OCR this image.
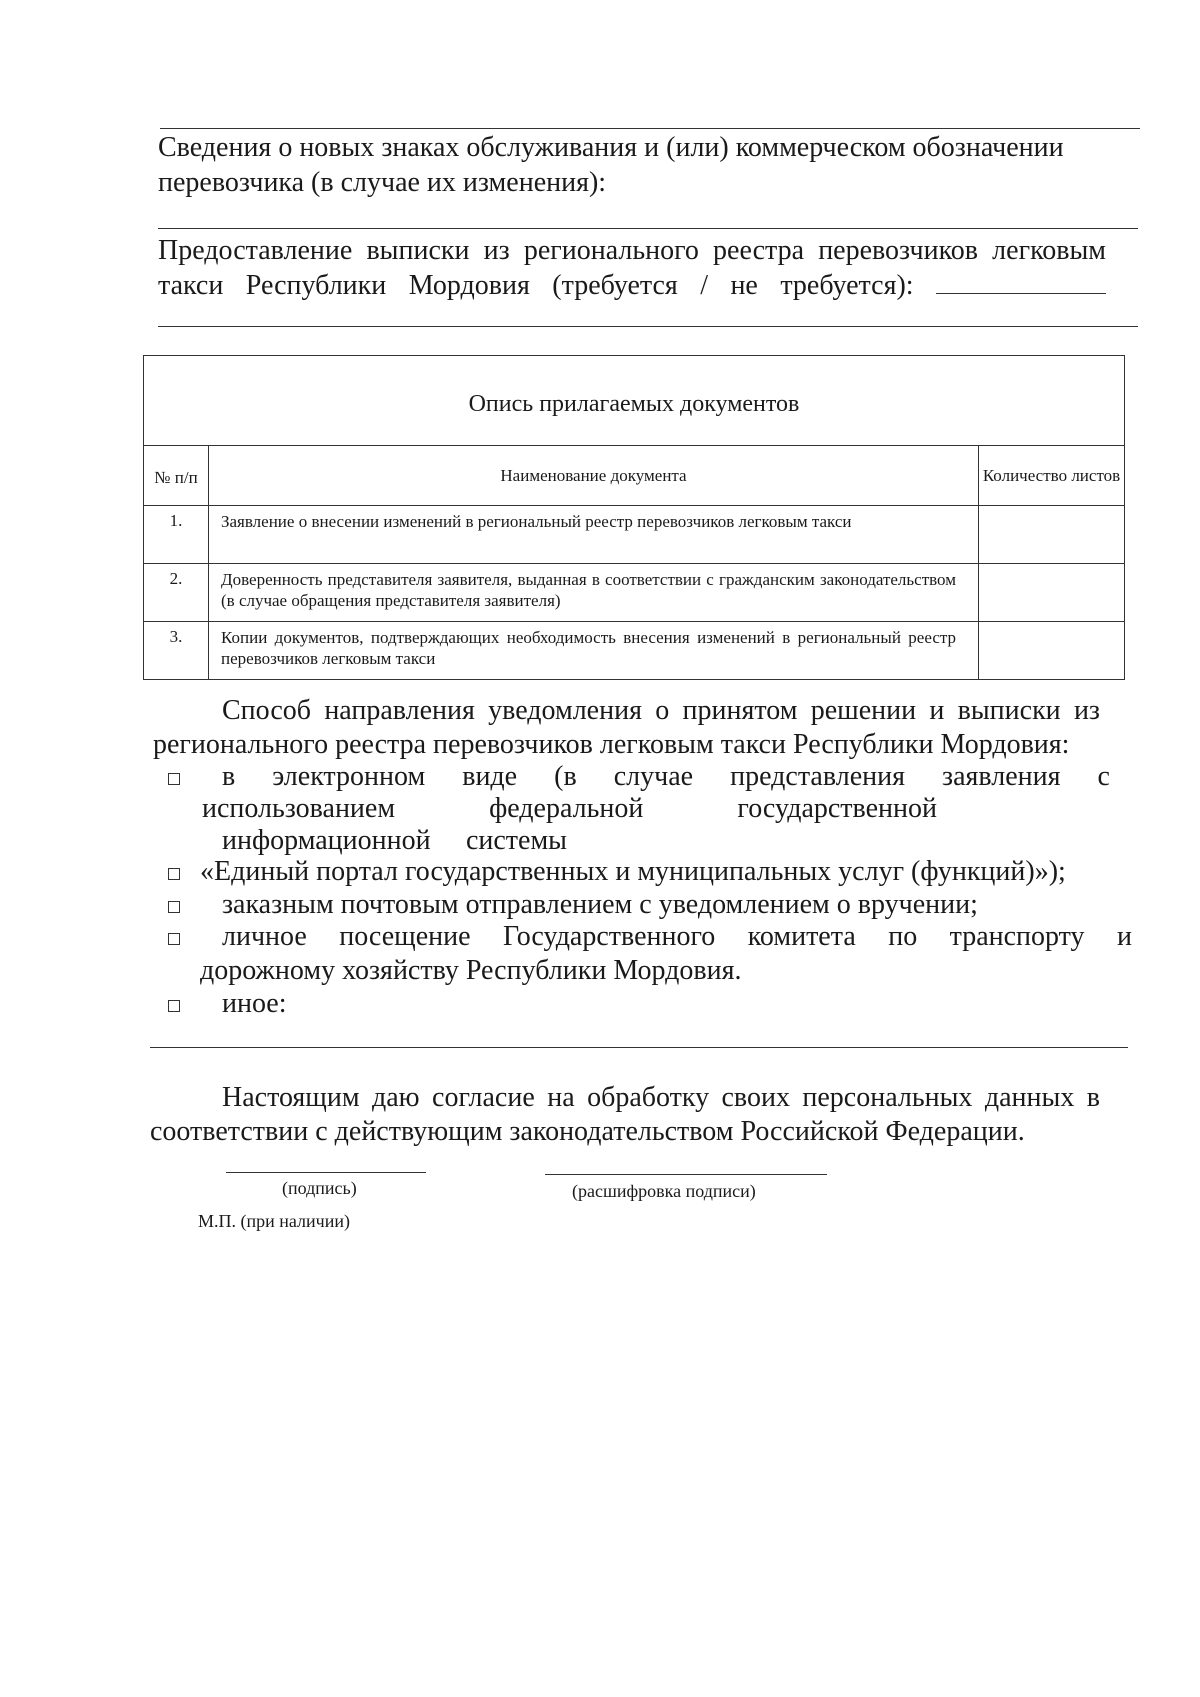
Сведения о новых знаках обслуживания и (или) коммерческом обозначении перевозчика (в случае их изменения):
Предоставление выписки из регионального реестра перевозчиков легковым такси Республики Мордовия (требуется / не требуется):
Опись прилагаемых документов		
№ п/п	Наименование документа	Количество листов
1.	Заявление о внесении изменений в региональный реестр перевозчиков легковым такси	
2.	Доверенность представителя заявителя, выданная в соответствии с гражданским законодательством (в случае обращения представителя заявителя)	
3.	Копии документов, подтверждающих необходимость внесения изменений в региональный реестр перевозчиков легковым такси	
Способ направления уведомления о принятом решении и выписки из
регионального реестра перевозчиков легковым такси Республики Мордовия:
в электронном виде (в случае представления заявления с
использованием	федеральной	государственной
информационной системы
«Единый портал государственных и муниципальных услуг (функций)»);
заказным почтовым отправлением с уведомлением о вручении;
личное посещение Государственного комитета по транспорту и
дорожному хозяйству Республики Мордовия.
иное:
Настоящим даю согласие на обработку своих персональных данных в
соответствии с действующим законодательством Российской Федерации.
(подпись)	(расшифровка подписи)
М.П. (при наличии)
